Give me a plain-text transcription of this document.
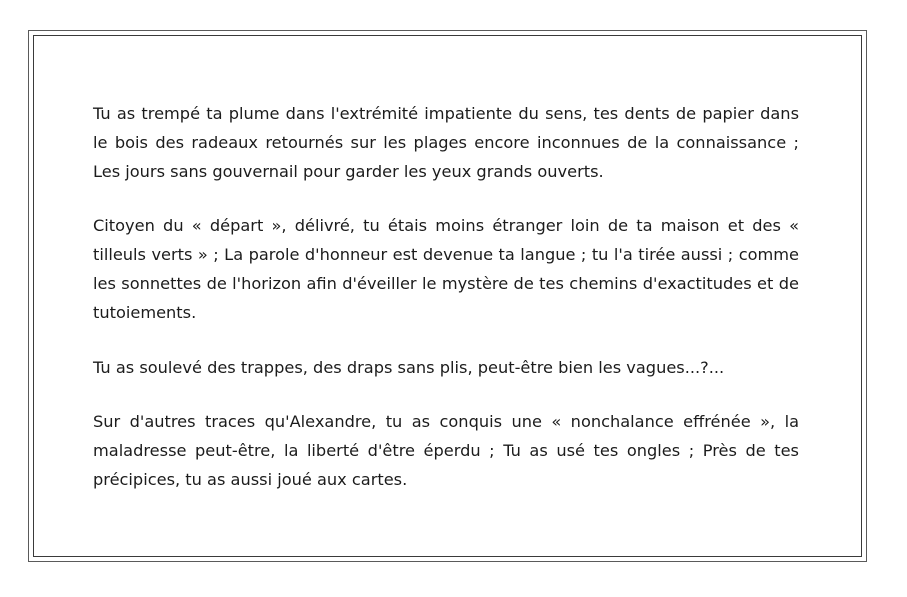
Tu as trempé ta plume dans l'extrémité impatiente du sens, tes dents de papier dans le bois des radeaux retournés sur les plages encore inconnues de la connaissance ; Les jours sans gouvernail pour garder les yeux grands ouverts.

Citoyen du « départ », délivré, tu étais moins étranger loin de ta maison et des « tilleuls verts » ; La parole d'honneur est devenue ta langue ; tu l'a tirée aussi ; comme les sonnettes de l'horizon afin d'éveiller le mystère de tes chemins d'exactitudes et de tutoiements.

Tu as soulevé des trappes, des draps sans plis, peut-être bien les vagues...?...

Sur d'autres traces qu'Alexandre, tu as conquis une « nonchalance effrénée », la maladresse peut-être, la liberté d'être éperdu ; Tu as usé tes ongles ; Près de tes précipices, tu as aussi joué aux cartes.
